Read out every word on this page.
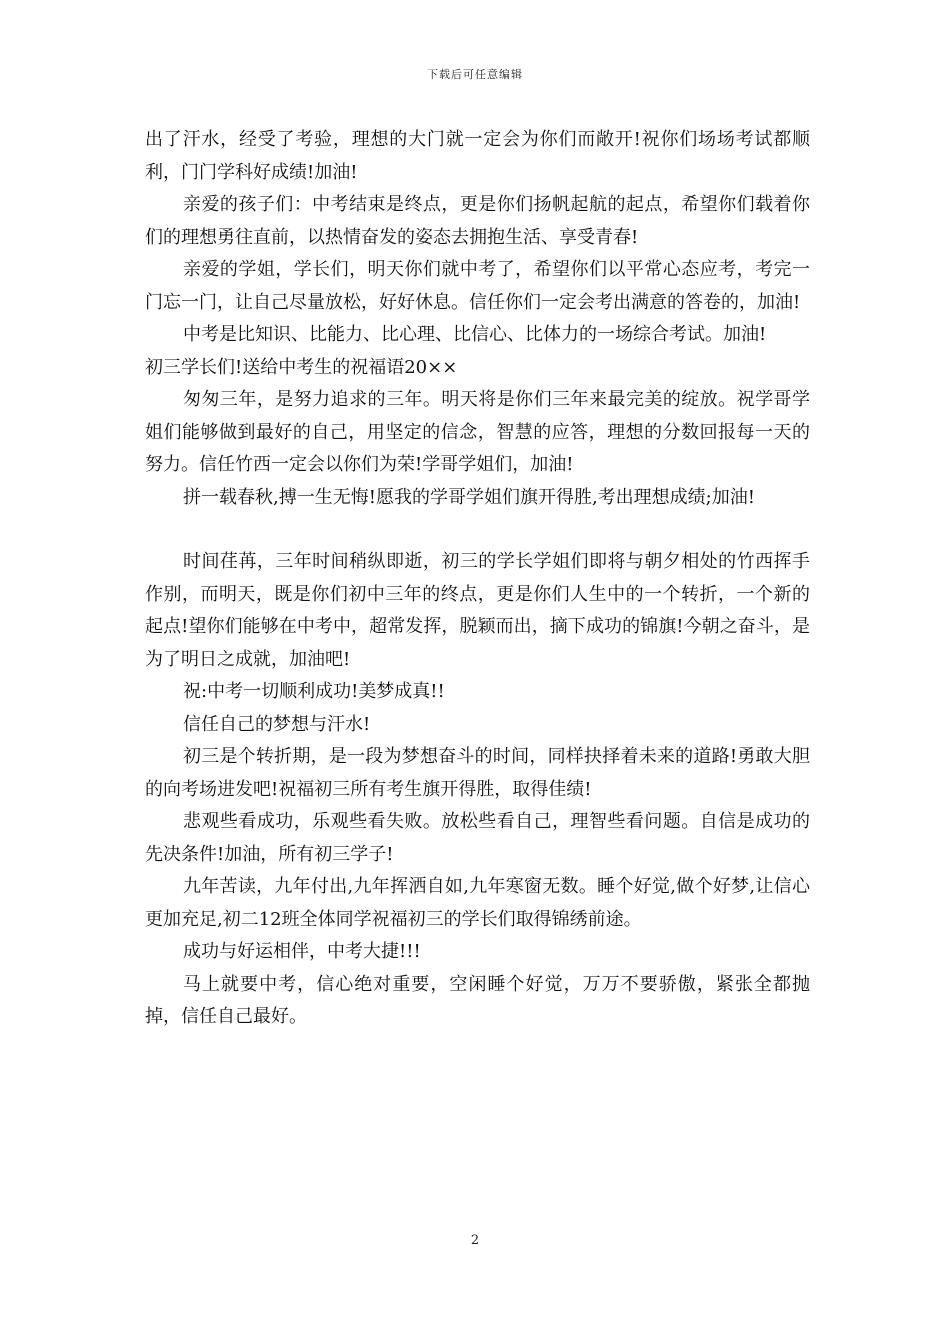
下载后可任意编辑

出了汗水，经受了考验，理想的大门就一定会为你们而敞开!祝你们场场考试都顺利，门门学科好成绩!加油!

亲爱的孩子们：中考结束是终点，更是你们扬帆起航的起点，希望你们载着你们的理想勇往直前，以热情奋发的姿态去拥抱生活、享受青春!

亲爱的学姐，学长们，明天你们就中考了，希望你们以平常心态应考，考完一门忘一门，让自己尽量放松，好好休息。信任你们一定会考出满意的答卷的，加油!

中考是比知识、比能力、比心理、比信心、比体力的一场综合考试。加油!

初三学长们!送给中考生的祝福语20××

匆匆三年，是努力追求的三年。明天将是你们三年来最完美的绽放。祝学哥学姐们能够做到最好的自己，用坚定的信念，智慧的应答，理想的分数回报每一天的努力。信任竹西一定会以你们为荣!学哥学姐们，加油!

拼一载春秋,搏一生无悔!愿我的学哥学姐们旗开得胜,考出理想成绩;加油!

时间荏苒，三年时间稍纵即逝，初三的学长学姐们即将与朝夕相处的竹西挥手作别，而明天，既是你们初中三年的终点，更是你们人生中的一个转折，一个新的起点!望你们能够在中考中，超常发挥，脱颖而出，摘下成功的锦旗!今朝之奋斗，是为了明日之成就，加油吧!

祝:中考一切顺利成功!美梦成真!!

信任自己的梦想与汗水!

初三是个转折期，是一段为梦想奋斗的时间，同样抉择着未来的道路!勇敢大胆的向考场进发吧!祝福初三所有考生旗开得胜，取得佳绩!

悲观些看成功，乐观些看失败。放松些看自己，理智些看问题。自信是成功的先决条件!加油，所有初三学子!

九年苦读，九年付出,九年挥洒自如,九年寒窗无数。睡个好觉,做个好梦,让信心更加充足,初二12班全体同学祝福初三的学长们取得锦绣前途。

成功与好运相伴，中考大捷!!!

马上就要中考，信心绝对重要，空闲睡个好觉，万万不要骄傲，紧张全都抛掉，信任自己最好。

2
